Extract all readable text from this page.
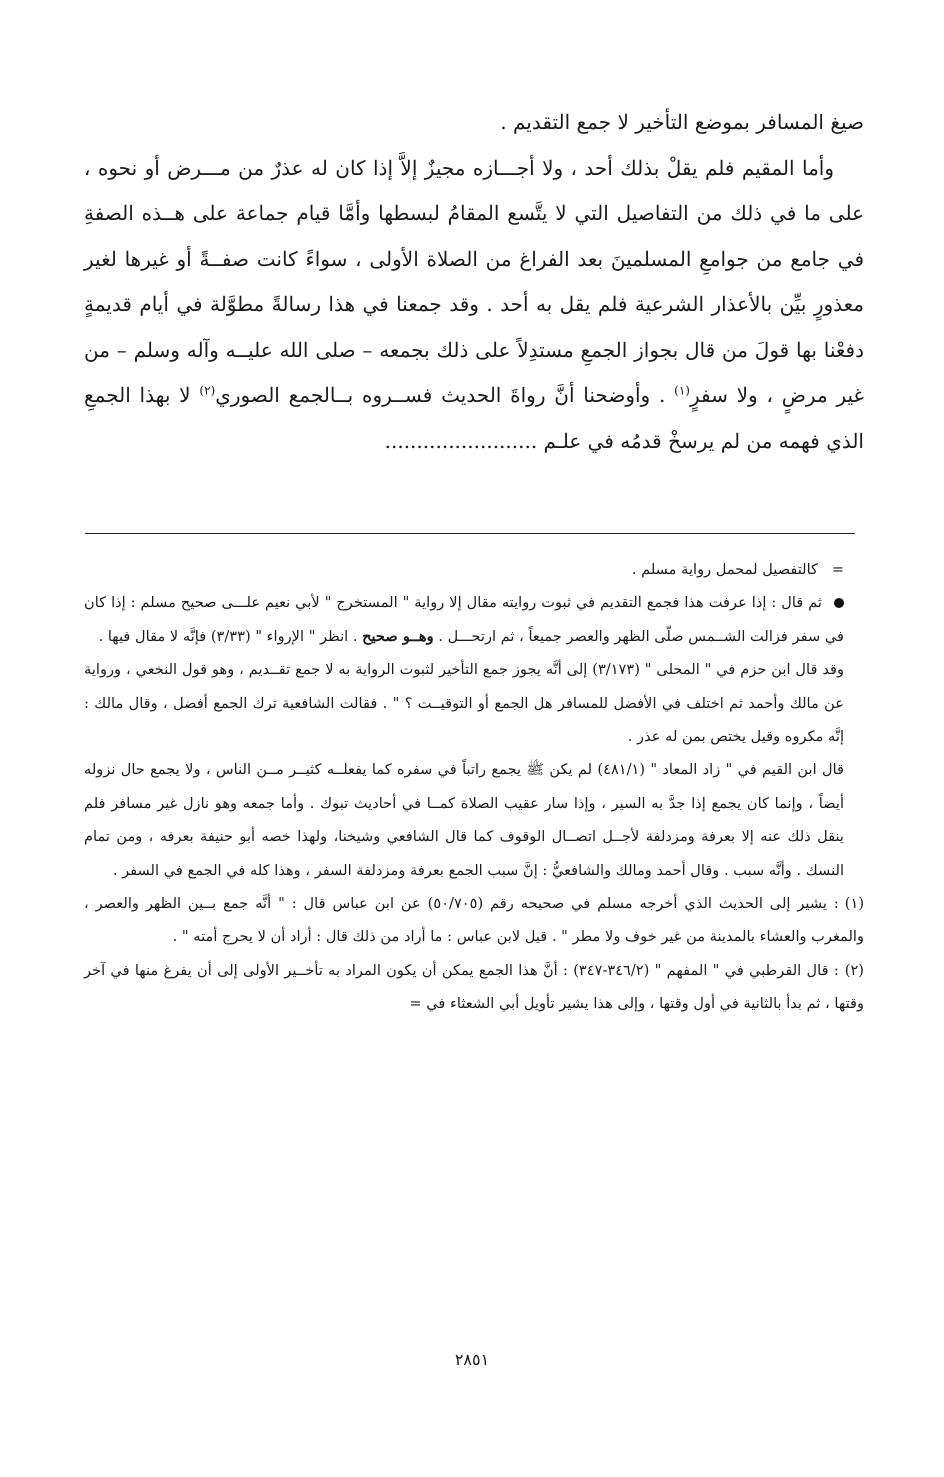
صيغ المسافر بموضع التأخير لا جمع التقديم .

وأما المقيم فلم يقلْ بذلك أحد ، ولا أجـــازه مجيزٌ إلاَّ إذا كان له عذرٌ من مـــرض أو نحوه ، على ما في ذلك من التفاصيل التي لا يتَّسع المقامُ لبسطها وأمَّا قيام جماعة على هــذه الصفةِ في جامع من جوامعِ المسلمينَ بعد الفراغ من الصلاة الأولى ، سواءً كانت صفــةً أو غيرها لغير معذورٍ بيِّن بالأعذار الشرعية فلم يقل به أحد . وقد جمعنا في هذا رسالةً مطوَّلة في أيام قديمةٍ دفعْنا بها قولَ من قال بجواز الجمعِ مستدِلاً على ذلك بجمعه – صلى الله عليــه وآله وسلم – من غير مرضٍ ، ولا سفرٍ$^{(١)}$ . وأوضحنا أنَّ رواةَ الحديث فســروه بــالجمع الصوري$^{(٢)}$ لا بهذا الجمعِ الذي فهمه من لم يرسخْ قدمُه في علـم ........................

=كالتفصيل لمحمل رواية مسلم .

ثم قال : إذا عرفت هذا فجمع التقديم في ثبوت روايته مقال إلا رواية " المستخرج " لأبي نعيم علـــى صحيح مسلم : إذا كان في سفر فزالت الشــمس صلّى الظهر والعصر جميعاً ، ثم ارتحـــل . وهــو صحيح . انظر " الإرواء " (٣/٣٣) فإنَّه لا مقال فيها .

وقد قال ابن حزم في " المحلى " (٣/١٧٣) إلى أنَّه يجوز جمع التأخير لثبوت الرواية به لا جمع تقــديم ، وهو قول النخعي ، ورواية عن مالك وأحمد ثم اختلف في الأفضل للمسافر هل الجمع أو التوقيــت ؟ " . فقالت الشافعية ترك الجمع أفضل ، وقال مالك : إنَّه مكروه وقيل يختص بمن له عذر .

قال ابن القيم في " زاد المعاد " (٤٨١/١) لم يكن ﷺ يجمع راتباً في سفره كما يفعلــه كثيــر مــن الناس ، ولا يجمع حال نزوله أيضاً ، وإنما كان يجمع إذا جدَّ به السير ، وإذا سار عقيب الصلاة كمــا في أحاديث تبوك . وأما جمعه وهو نازل غير مسافر فلم ينقل ذلك عنه إلا بعرفة ومزدلفة لأجــل اتصــال الوقوف كما قال الشافعي وشيخنا، ولهذا خصه أبو حنيفة بعرفه ، ومن تمام النسك . وأنَّه سبب . وقال أحمد ومالك والشافعيُّ : إنَّ سبب الجمع بعرفة ومزدلفة السفر ، وهذا كله في الجمع في السفر .

(١): يشير إلى الحديث الذي أخرجه مسلم في صحيحه رقم (٥٠/٧٠٥) عن ابن عباس قال : " أنَّه جمع بــين الظهر والعصر ، والمغرب والعشاء بالمدينة من غير خوف ولا مطر " . قيل لابن عباس : ما أراد من ذلك قال : أراد أن لا يحرج أمته " .

(٢): قال القرطبي في " المفهم " (٣٤٦/٢-٣٤٧) : أنَّ هذا الجمع يمكن أن يكون المراد به تأخــير الأولى إلى أن يفرغ منها في آخر وقتها ، ثم بدأ بالثانية في أول وقتها ، وإلى هذا يشير تأويل أبي الشعثاء في =

٢٨٥١
